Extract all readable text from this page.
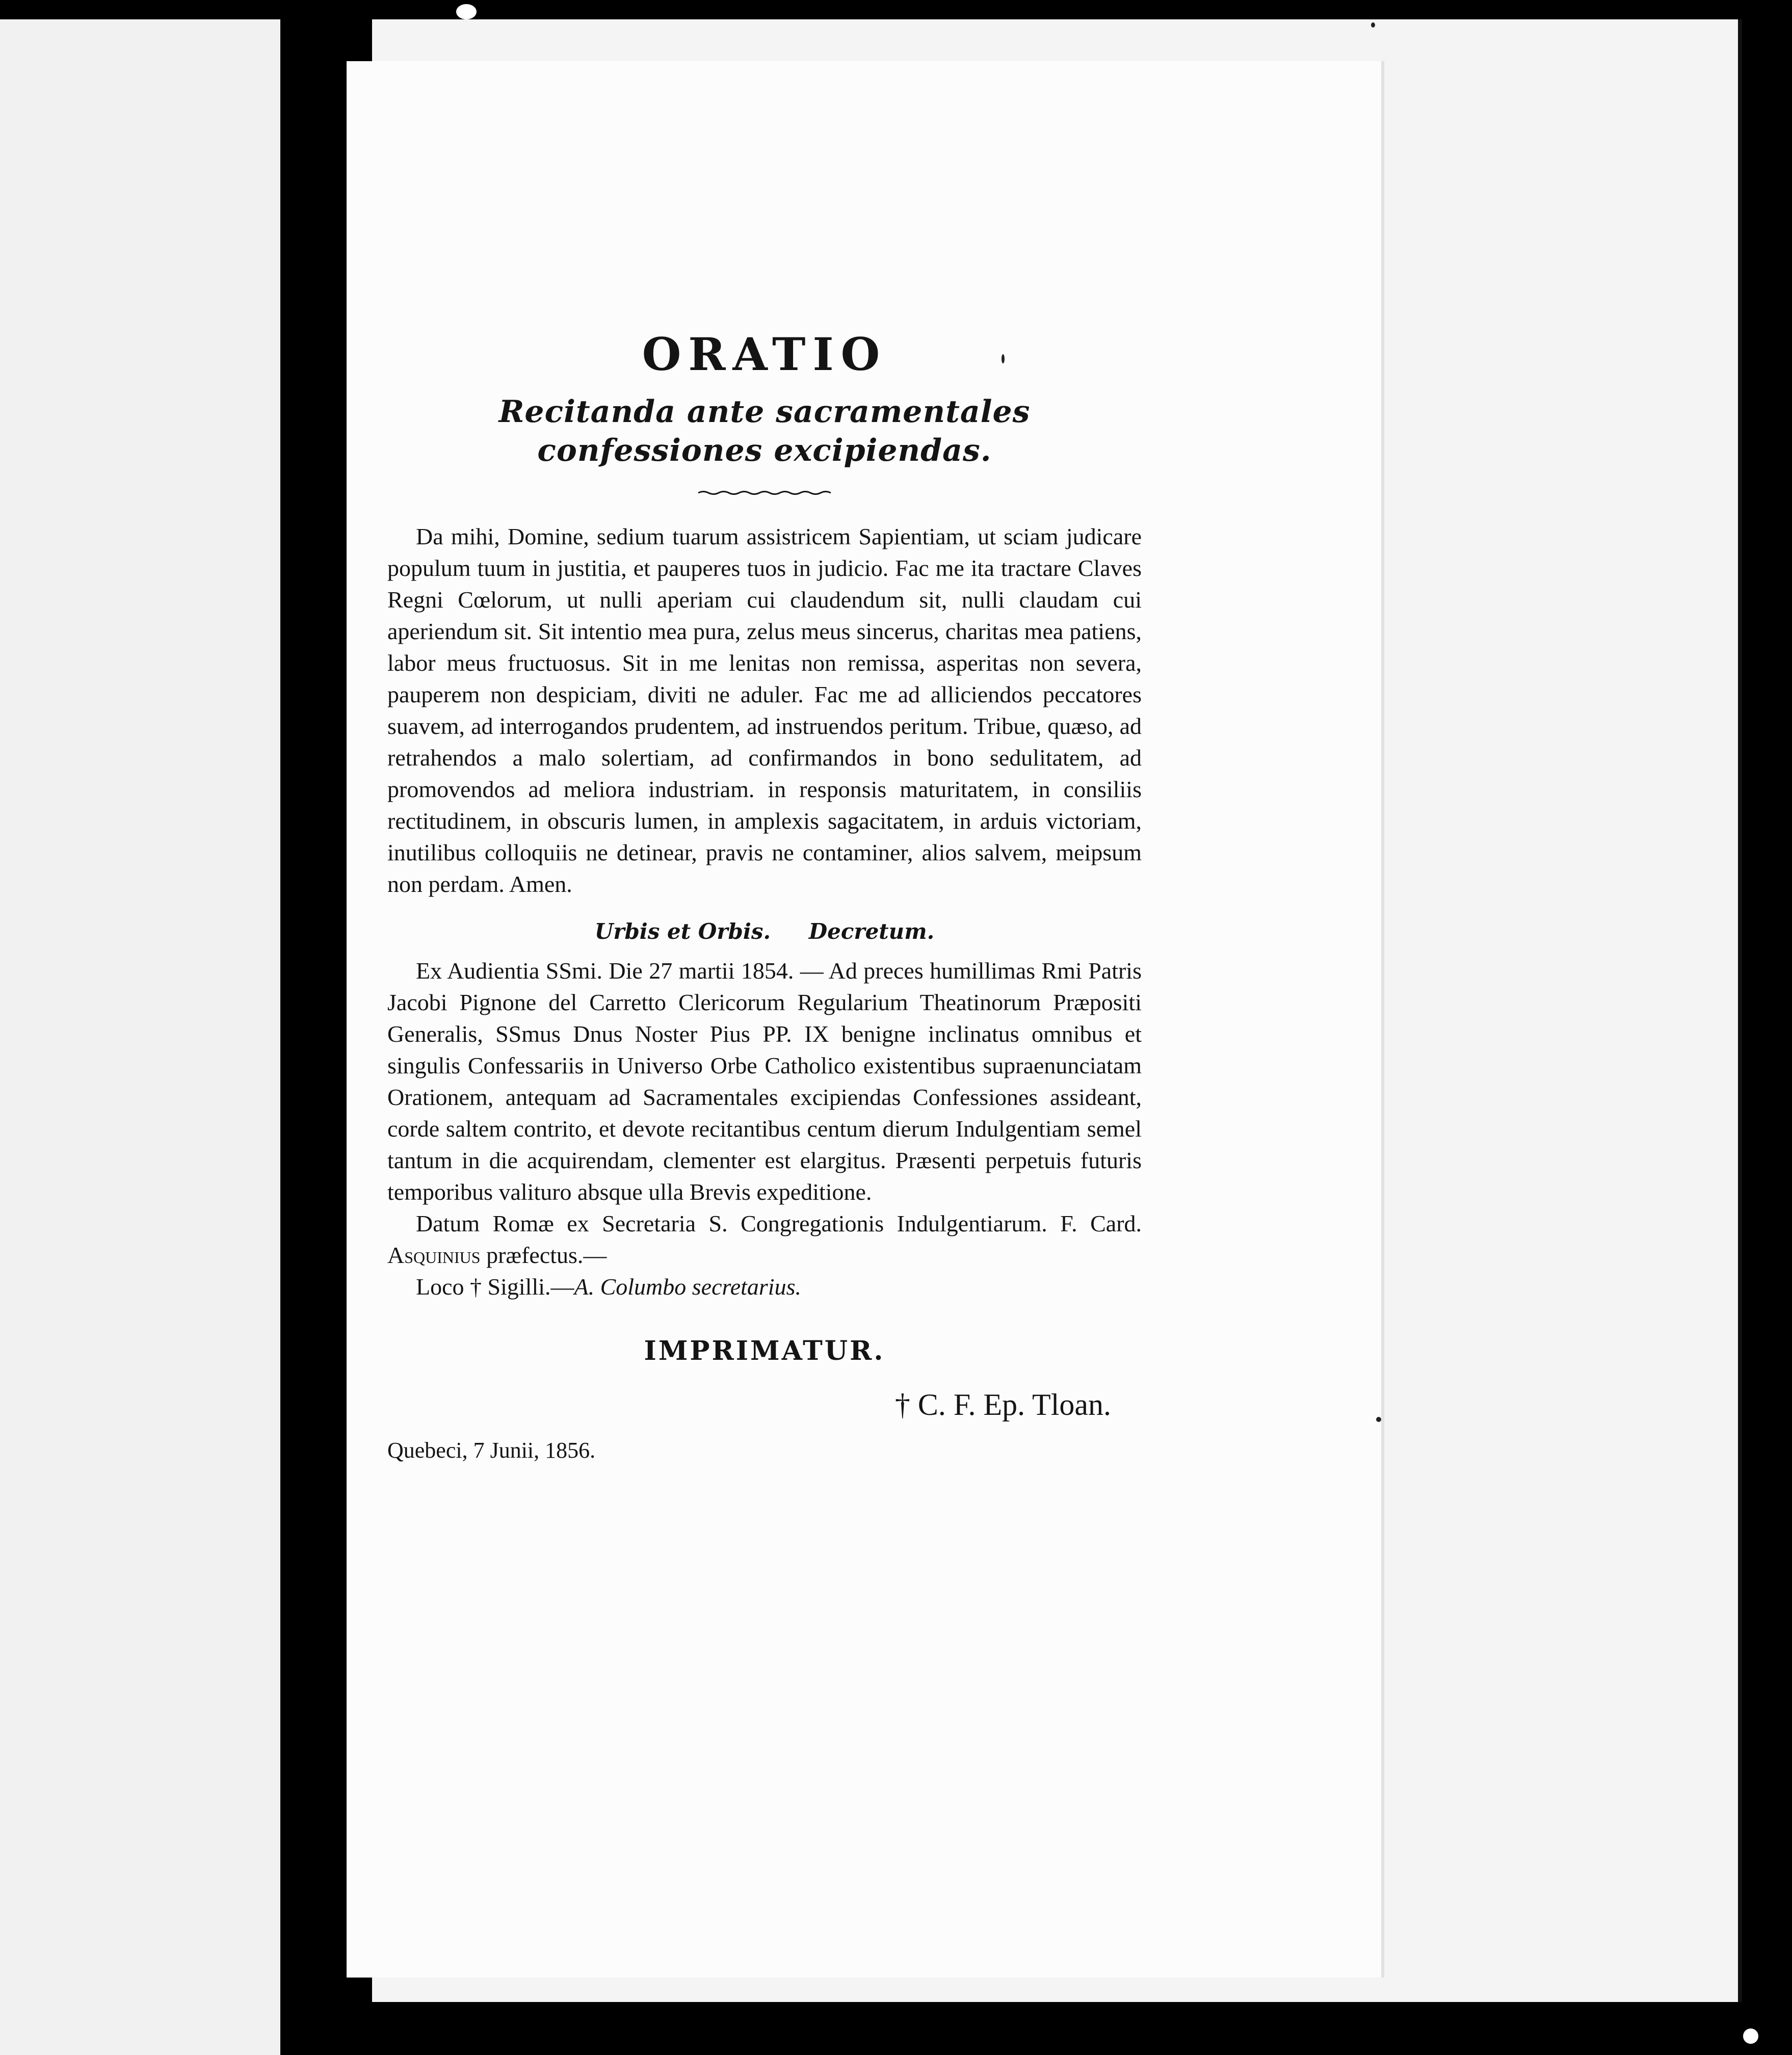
ORATIO
Recitanda ante sacramentales confessiones excipiendas.

Da mihi, Domine, sedium tuarum assistricem Sapientiam, ut sciam judicare populum tuum in justitia, et pauperes tuos in judicio. Fac me ita tractare Claves Regni Cœlorum, ut nulli aperiam cui claudendum sit, nulli claudam cui aperiendum sit. Sit intentio mea pura, zelus meus sincerus, charitas mea patiens, labor meus fructuosus. Sit in me lenitas non remissa, asperitas non severa, pauperem non despiciam, diviti ne aduler. Fac me ad alliciendos peccatores suavem, ad interrogandos prudentem, ad instruendos peritum. Tribue, quæso, ad retrahendos a malo solertiam, ad confirmandos in bono sedulitatem, ad promovendos ad meliora industriam. in responsis maturitatem, in consiliis rectitudinem, in obscuris lumen, in amplexis sagacitatem, in arduis victoriam, inutilibus colloquiis ne detinear, pravis ne contaminer, alios salvem, meipsum non perdam. Amen.

Urbis et Orbis. Decretum.

Ex Audientia SSmi. Die 27 martii 1854. — Ad preces humillimas Rmi Patris Jacobi Pignone del Carretto Clericorum Regularium Theatinorum Præpositi Generalis, SSmus Dnus Noster Pius PP. IX benigne inclinatus omnibus et singulis Confessariis in Universo Orbe Catholico existentibus supraenunciatam Orationem, antequam ad Sacramentales excipiendas Confessiones assideant, corde saltem contrito, et devote recitantibus centum dierum Indulgentiam semel tantum in die acquirendam, clementer est elargitus. Præsenti perpetuis futuris temporibus valituro absque ulla Brevis expeditione.

Datum Romæ ex Secretaria S. Congregationis Indulgentiarum. F. Card. Asquinius præfectus.—

Loco † Sigilli.—A. Columbo secretarius.

IMPRIMATUR.
† C. F. Ep. Tloan.
Quebeci, 7 Junii, 1856.
